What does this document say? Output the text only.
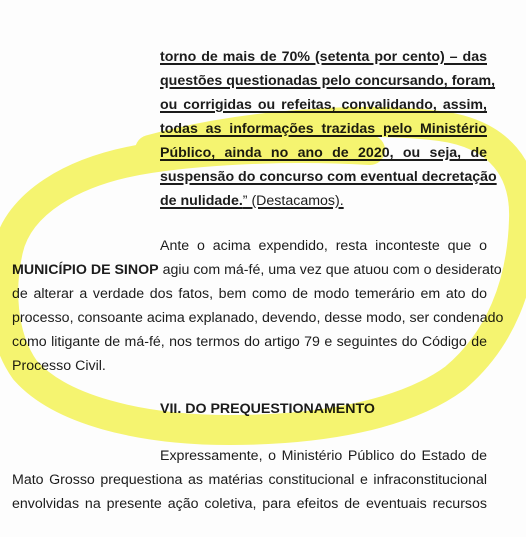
torno de mais de 70% (setenta por cento) – das
questões questionadas pelo concursando, foram,
ou corrigidas ou refeitas, convalidando, assim,
todas as informações trazidas pelo Ministério
Público, ainda no ano de 2020, ou seja, de
suspensão do concurso com eventual decretação
de nulidade.” (Destacamos).
Ante o acima expendido, resta inconteste que o
MUNICÍPIO DE SINOP agiu com má-fé, uma vez que atuou com o desiderato
de alterar a verdade dos fatos, bem como de modo temerário em ato do
processo, consoante acima explanado, devendo, desse modo, ser condenado
como litigante de má-fé, nos termos do artigo 79 e seguintes do Código de
Processo Civil.
VII. DO PREQUESTIONAMENTO
Expressamente, o Ministério Público do Estado de
Mato Grosso prequestiona as matérias constitucional e infraconstitucional
envolvidas na presente ação coletiva, para efeitos de eventuais recursos
